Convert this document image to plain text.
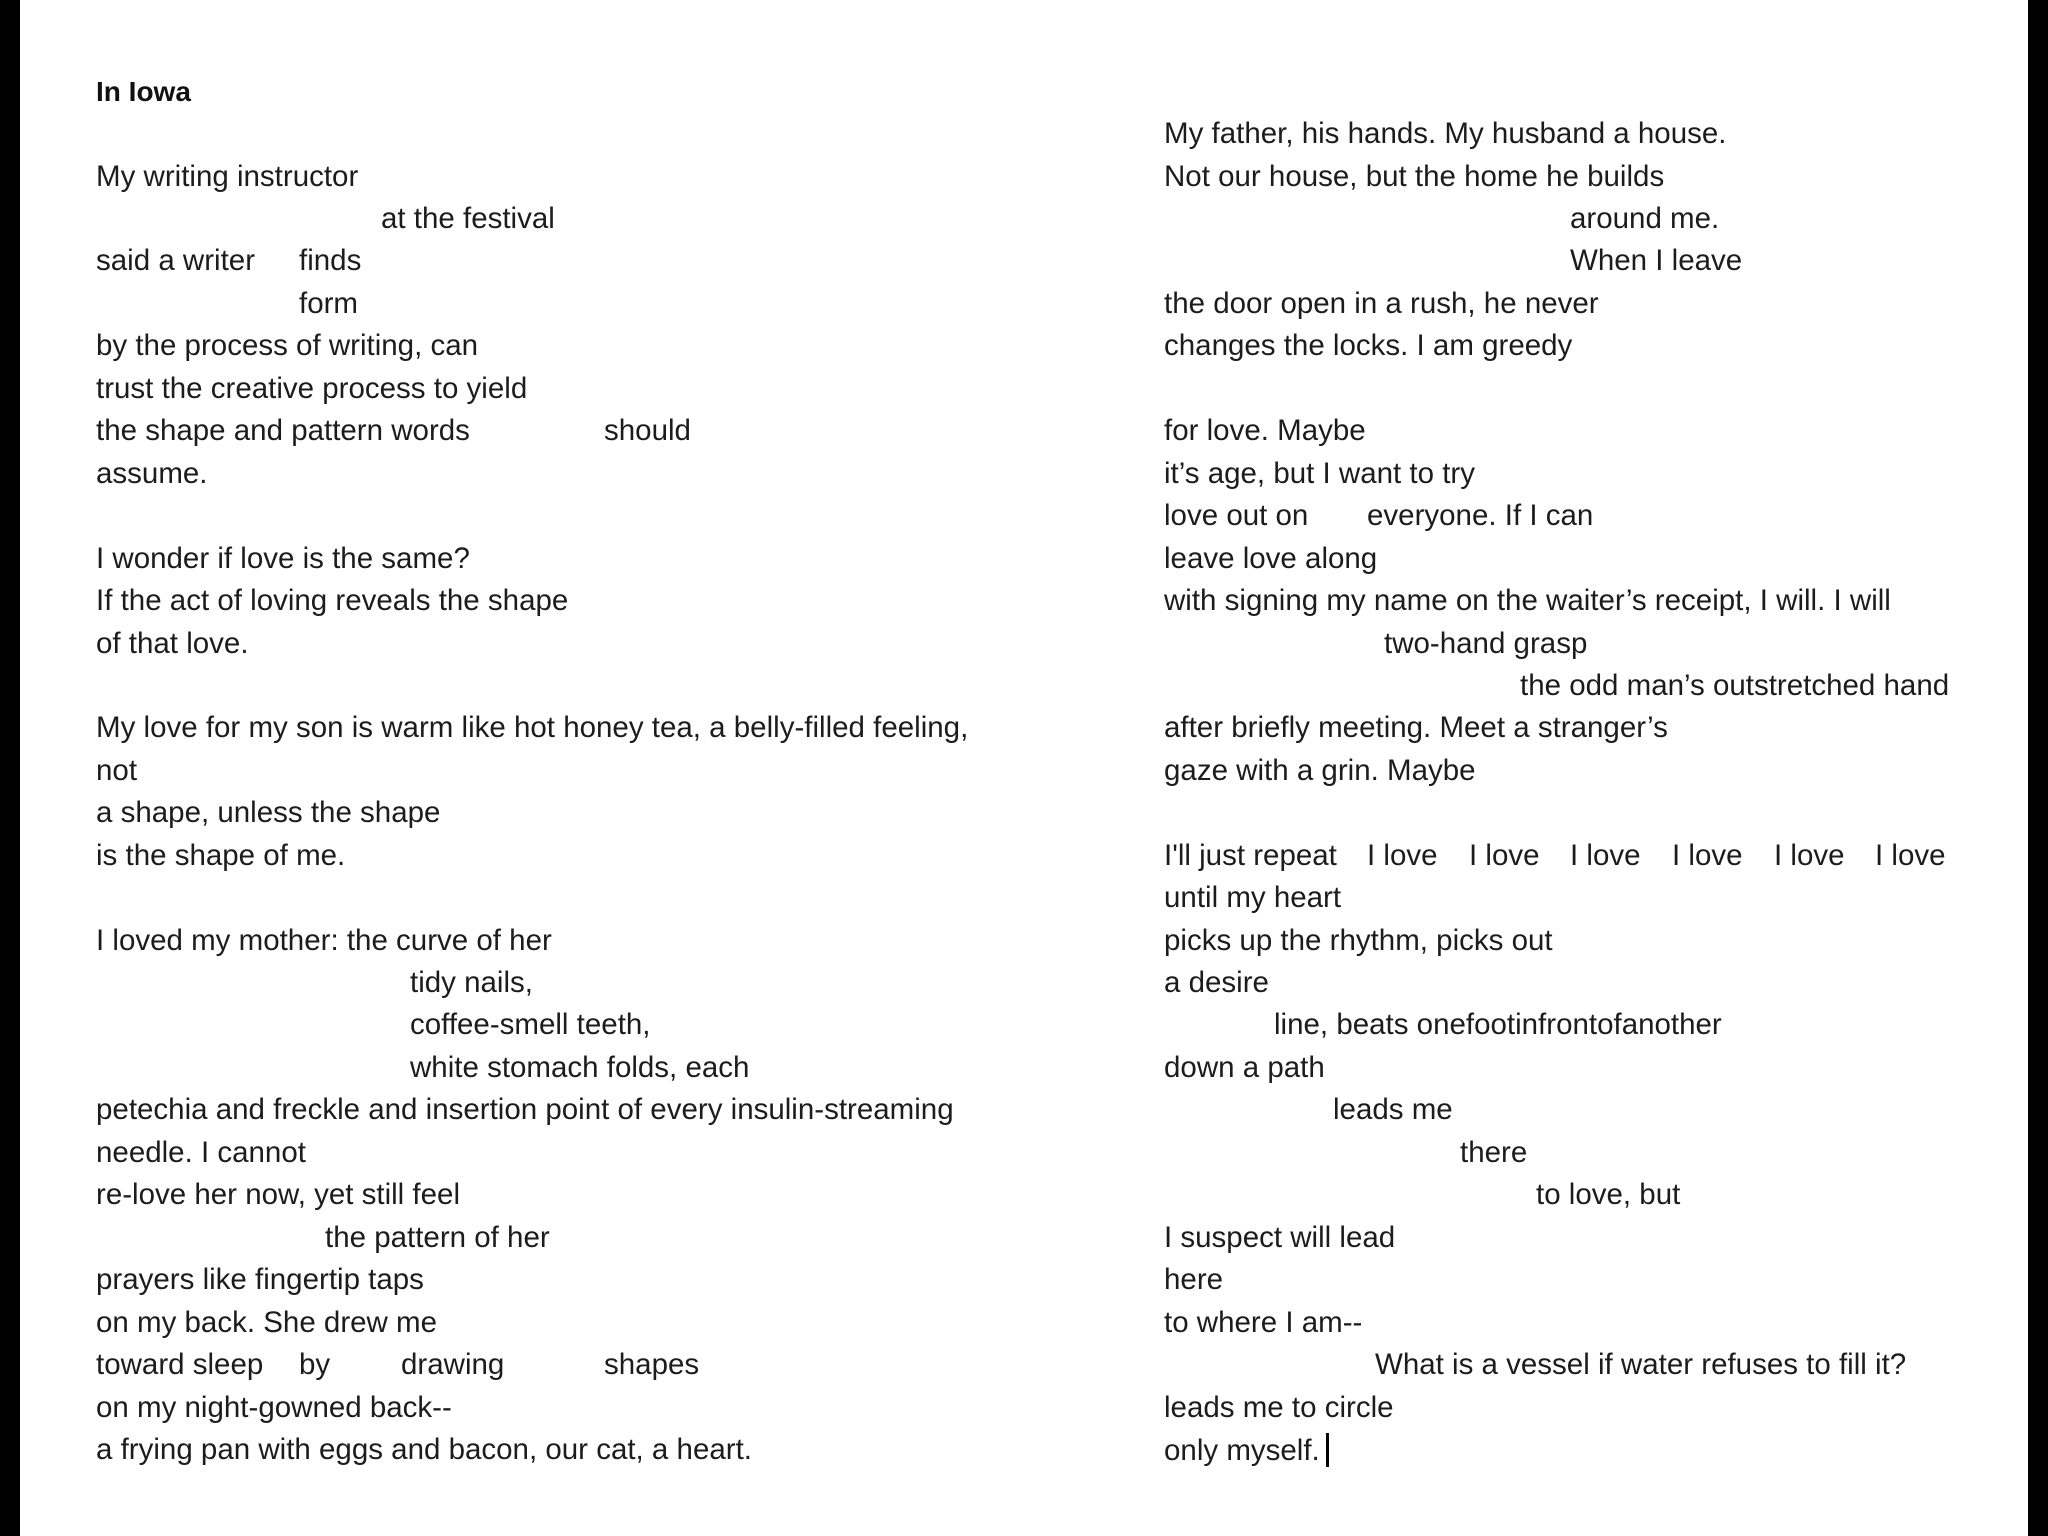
In Iowa
My writing instructor
at the festival
said a writer finds
form
by the process of writing, can
trust the creative process to yield
the shape and pattern words	should
assume.
I wonder if love is the same?
If the act of loving reveals the shape
of that love.
My love for my son is warm like hot honey tea, a belly-filled feeling,
not
a shape, unless the shape
is the shape of me.
I loved my mother: the curve of her
tidy nails,
coffee-smell teeth,
white stomach folds, each
petechia and freckle and insertion point of every insulin-streaming
needle. I cannot
re-love her now, yet still feel
the pattern of her
prayers like fingertip taps
on my back. She drew me
toward sleep by drawing	shapes
on my night-gowned back--
a frying pan with eggs and bacon, our cat, a heart.
My father, his hands. My husband a house.
Not our house, but the home he builds
around me.
When I leave
the door open in a rush, he never
changes the locks. I am greedy
for love. Maybe
it’s age, but I want to try
love out on everyone. If I can
leave love along
with signing my name on the waiter’s receipt, I will. I will
two-hand grasp
the odd man’s outstretched hand
after briefly meeting. Meet a stranger’s
gaze with a grin. Maybe
I'll just repeat I love I love I love I love I love I love
until my heart
picks up the rhythm, picks out
a desire
line, beats onefootinfrontofanother
down a path
leads me
there
to love, but
I suspect will lead
here
to where I am--
What is a vessel if water refuses to fill it?
leads me to circle
only myself.
